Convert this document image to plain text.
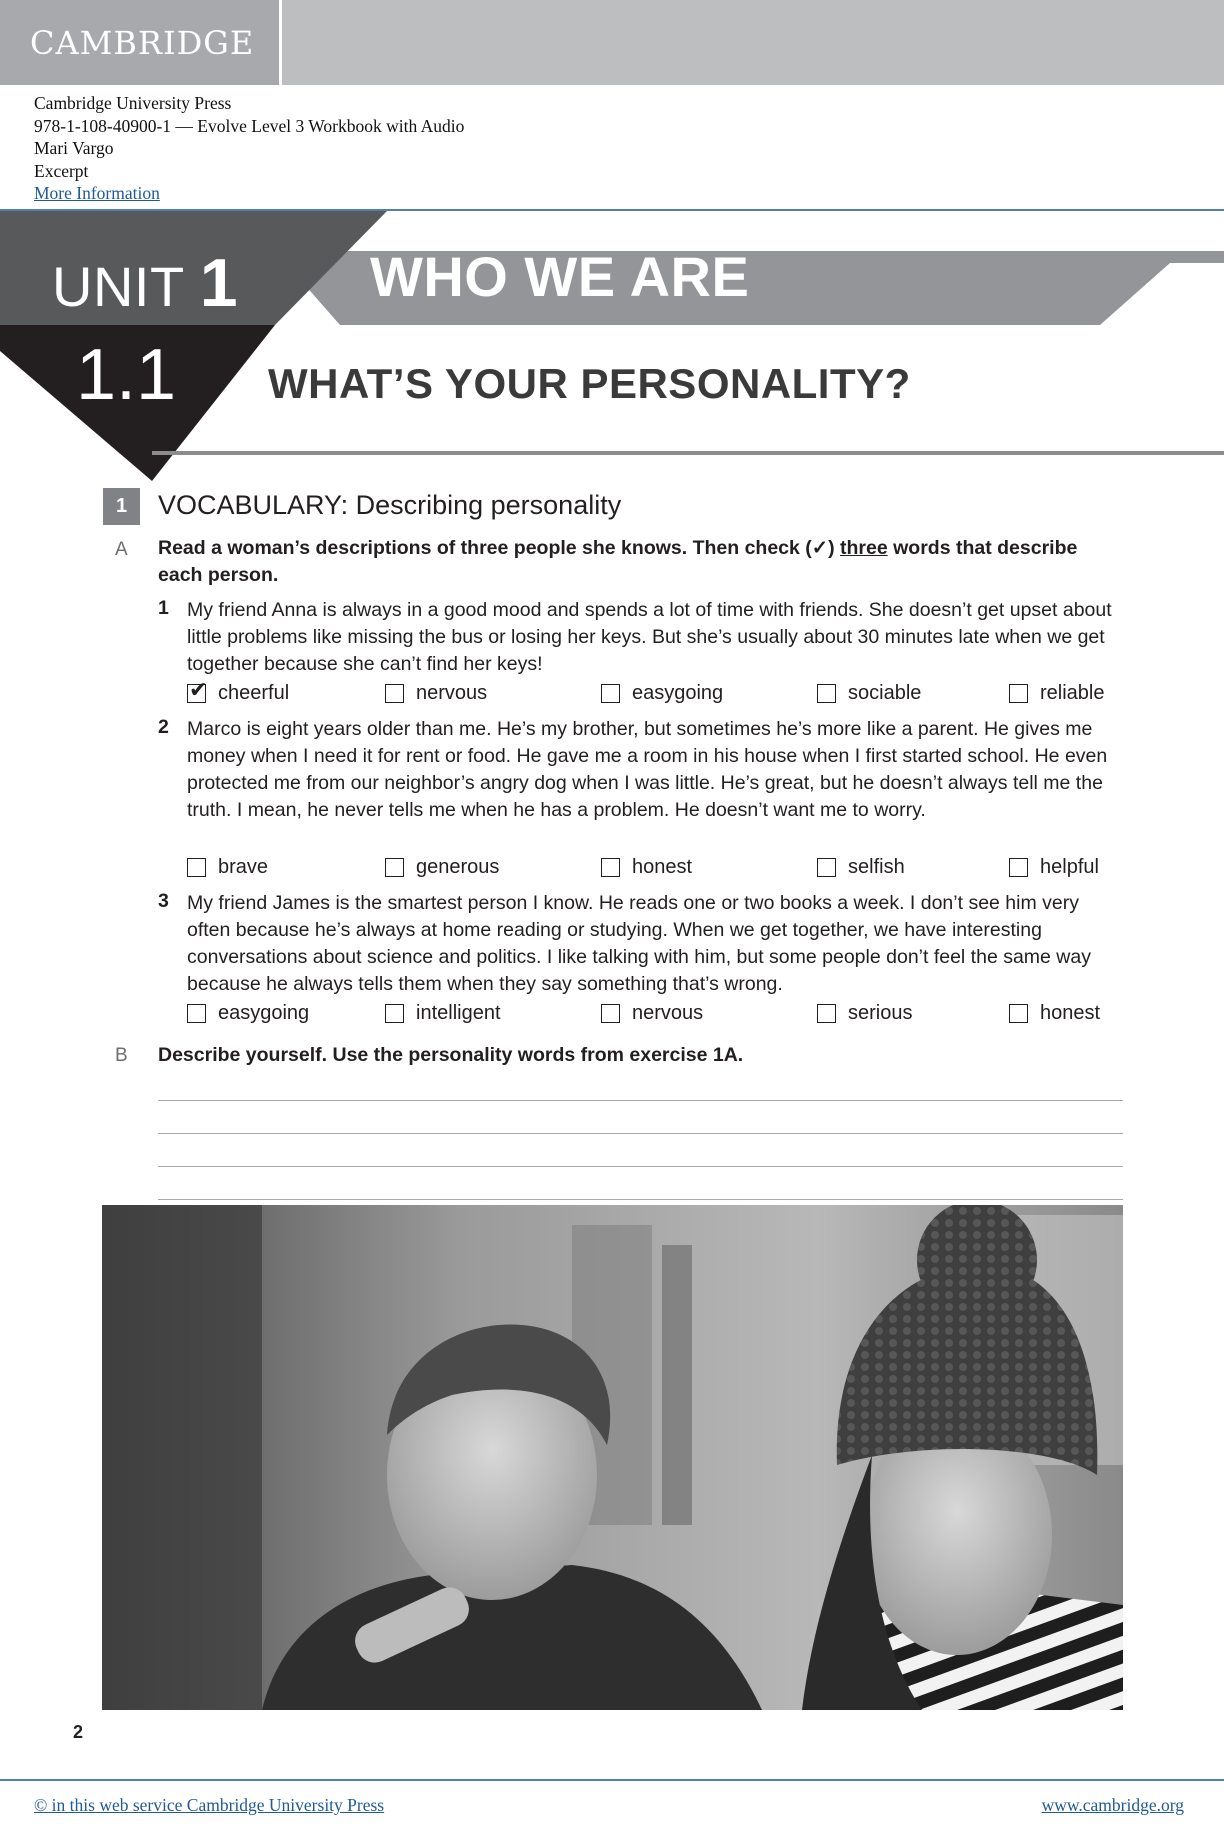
CAMBRIDGE
Cambridge University Press
978-1-108-40900-1 — Evolve Level 3 Workbook with Audio
Mari Vargo
Excerpt
More Information
UNIT 1 WHO WE ARE
1.1 WHAT’S YOUR PERSONALITY?
1	VOCABULARY: Describing personality
A Read a woman’s descriptions of three people she knows. Then check (✓) three words that describe each person.
1 My friend Anna is always in a good mood and spends a lot of time with friends. She doesn’t get upset about little problems like missing the bus or losing her keys. But she’s usually about 30 minutes late when we get together because she can’t find her keys!
✔ cheerful	nervous	easygoing	sociable	reliable
2 Marco is eight years older than me. He’s my brother, but sometimes he’s more like a parent. He gives me money when I need it for rent or food. He gave me a room in his house when I first started school. He even protected me from our neighbor’s angry dog when I was little. He’s great, but he doesn’t always tell me the truth. I mean, he never tells me when he has a problem. He doesn’t want me to worry.
brave	generous	honest	selfish	helpful
3 My friend James is the smartest person I know. He reads one or two books a week. I don’t see him very often because he’s always at home reading or studying. When we get together, we have interesting conversations about science and politics. I like talking with him, but some people don’t feel the same way because he always tells them when they say something that’s wrong.
easygoing	intelligent	nervous	serious	honest
B Describe yourself. Use the personality words from exercise 1A.
2
© in this web service Cambridge University Press	www.cambridge.org
